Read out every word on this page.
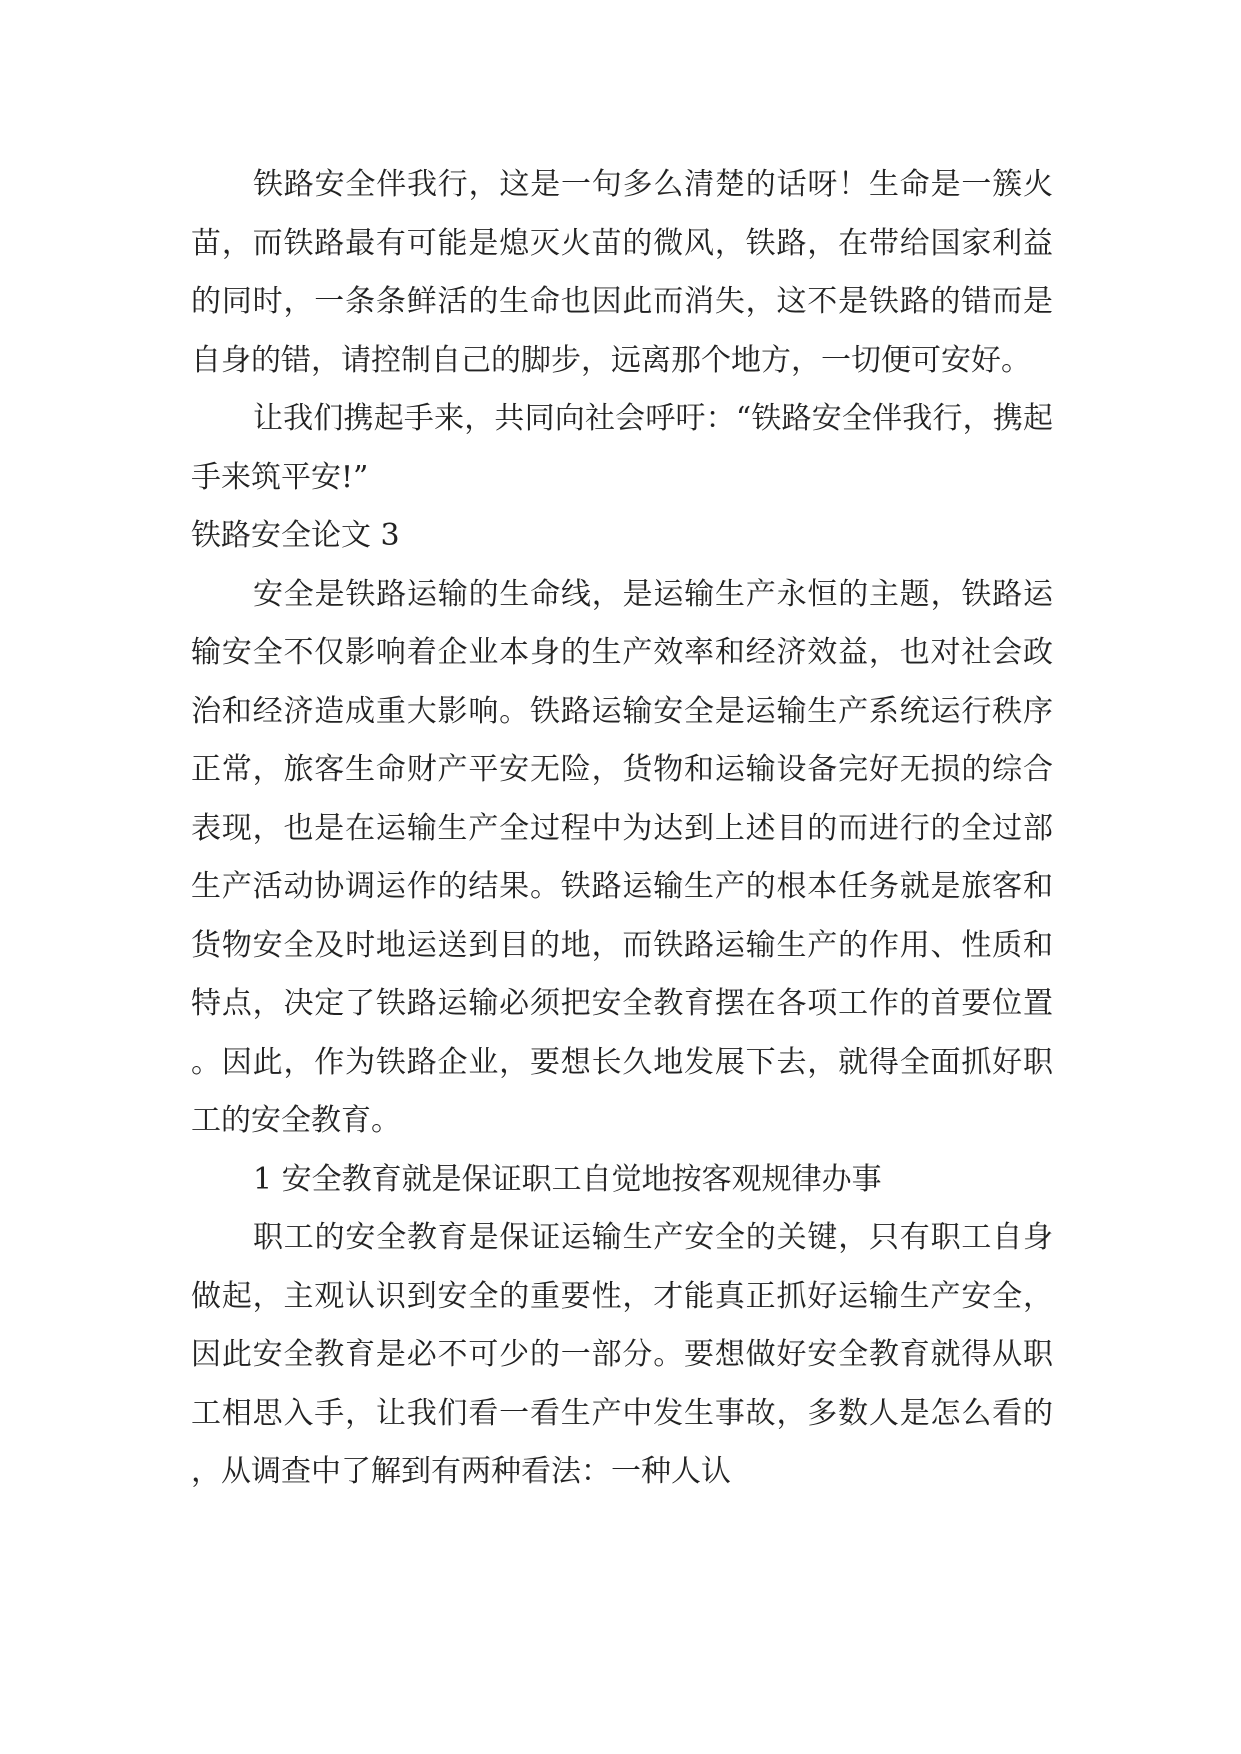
铁路安全伴我行，这是一句多么清楚的话呀！生命是一簇火苗，而铁路最有可能是熄灭火苗的微风，铁路，在带给国家利益的同时，一条条鲜活的生命也因此而消失，这不是铁路的错而是自身的错，请控制自己的脚步，远离那个地方，一切便可安好。

让我们携起手来，共同向社会呼吁：“铁路安全伴我行，携起手来筑平安!”

铁路安全论文 3

安全是铁路运输的生命线，是运输生产永恒的主题，铁路运输安全不仅影响着企业本身的生产效率和经济效益，也对社会政治和经济造成重大影响。铁路运输安全是运输生产系统运行秩序正常，旅客生命财产平安无险，货物和运输设备完好无损的综合表现，也是在运输生产全过程中为达到上述目的而进行的全过部生产活动协调运作的结果。铁路运输生产的根本任务就是旅客和货物安全及时地运送到目的地，而铁路运输生产的作用、性质和特点，决定了铁路运输必须把安全教育摆在各项工作的首要位置。因此，作为铁路企业，要想长久地发展下去，就得全面抓好职工的安全教育。

1 安全教育就是保证职工自觉地按客观规律办事

职工的安全教育是保证运输生产安全的关键，只有职工自身做起，主观认识到安全的重要性，才能真正抓好运输生产安全，因此安全教育是必不可少的一部分。要想做好安全教育就得从职工相思入手，让我们看一看生产中发生事故，多数人是怎么看的，从调查中了解到有两种看法：一种人认
